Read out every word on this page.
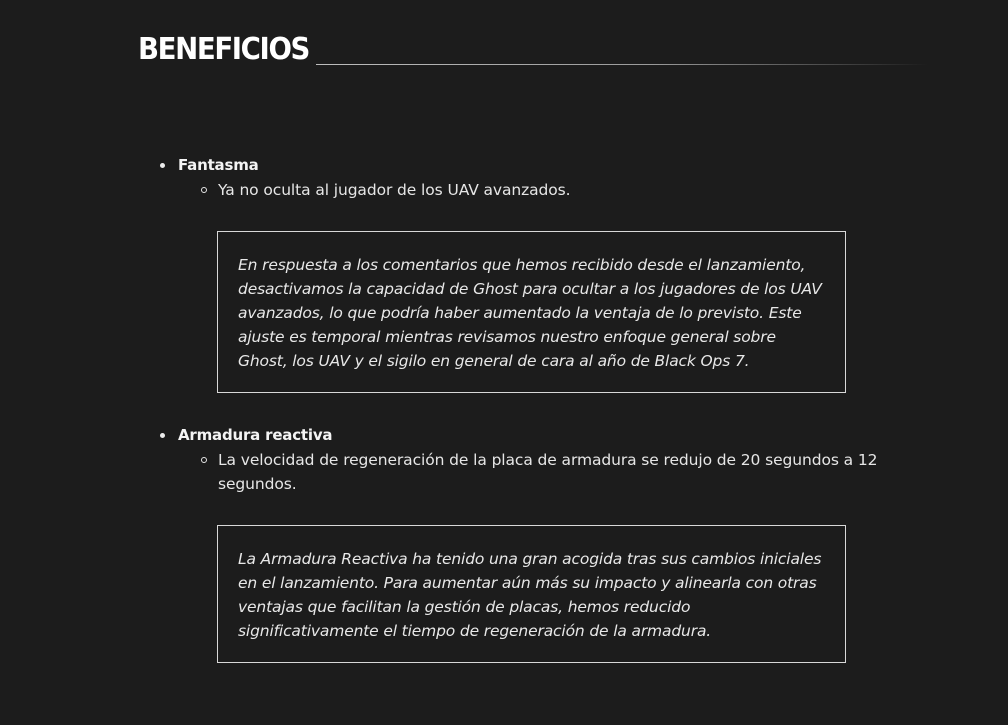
BENEFICIOS
Fantasma
Ya no oculta al jugador de los UAV avanzados.
En respuesta a los comentarios que hemos recibido desde el lanzamiento, desactivamos la capacidad de Ghost para ocultar a los jugadores de los UAV avanzados, lo que podría haber aumentado la ventaja de lo previsto. Este ajuste es temporal mientras revisamos nuestro enfoque general sobre Ghost, los UAV y el sigilo en general de cara al año de Black Ops 7.
Armadura reactiva
La velocidad de regeneración de la placa de armadura se redujo de 20 segundos a 12 segundos.
La Armadura Reactiva ha tenido una gran acogida tras sus cambios iniciales en el lanzamiento. Para aumentar aún más su impacto y alinearla con otras ventajas que facilitan la gestión de placas, hemos reducido significativamente el tiempo de regeneración de la armadura.
